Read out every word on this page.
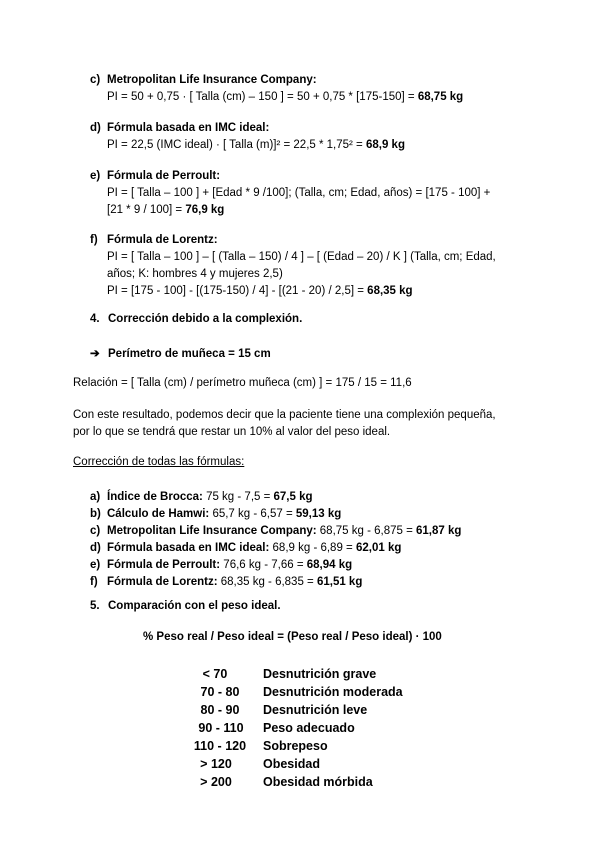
c) Metropolitan Life Insurance Company:
PI = 50 + 0,75 · [ Talla (cm) – 150 ] = 50 + 0,75 * [175-150] = 68,75 kg
d) Fórmula basada en IMC ideal:
PI = 22,5 (IMC ideal) · [ Talla (m)]² = 22,5 * 1,75² = 68,9 kg
e) Fórmula de Perroult:
PI = [ Talla – 100 ] + [Edad * 9 /100]; (Talla, cm; Edad, años) = [175 - 100] +
[21 * 9 / 100] = 76,9 kg
f) Fórmula de Lorentz:
PI = [ Talla – 100 ] – [ (Talla – 150) / 4 ] – [ (Edad – 20) / K ] (Talla, cm; Edad,
años; K: hombres 4 y mujeres 2,5)
PI = [175 - 100] - [(175-150) / 4] - [(21 - 20) / 2,5] = 68,35 kg
4. Corrección debido a la complexión.
➔ Perímetro de muñeca = 15 cm
Relación = [ Talla (cm) / perímetro muñeca (cm) ] = 175 / 15 = 11,6
Con este resultado, podemos decir que la paciente tiene una complexión pequeña,
por lo que se tendrá que restar un 10% al valor del peso ideal.
Corrección de todas las fórmulas:
a) Índice de Brocca: 75 kg - 7,5 = 67,5 kg
b) Cálculo de Hamwi: 65,7 kg - 6,57 = 59,13 kg
c) Metropolitan Life Insurance Company: 68,75 kg - 6,875 = 61,87 kg
d) Fórmula basada en IMC ideal: 68,9 kg - 6,89 = 62,01 kg
e) Fórmula de Perroult: 76,6 kg - 7,66 = 68,94 kg
f) Fórmula de Lorentz: 68,35 kg - 6,835 = 61,51 kg
5. Comparación con el peso ideal.
% Peso real / Peso ideal = (Peso real / Peso ideal) · 100
< 70	Desnutrición grave
70 - 80	Desnutrición moderada
80 - 90	Desnutrición leve
90 - 110	Peso adecuado
110 - 120	Sobrepeso
> 120	Obesidad
> 200	Obesidad mórbida
